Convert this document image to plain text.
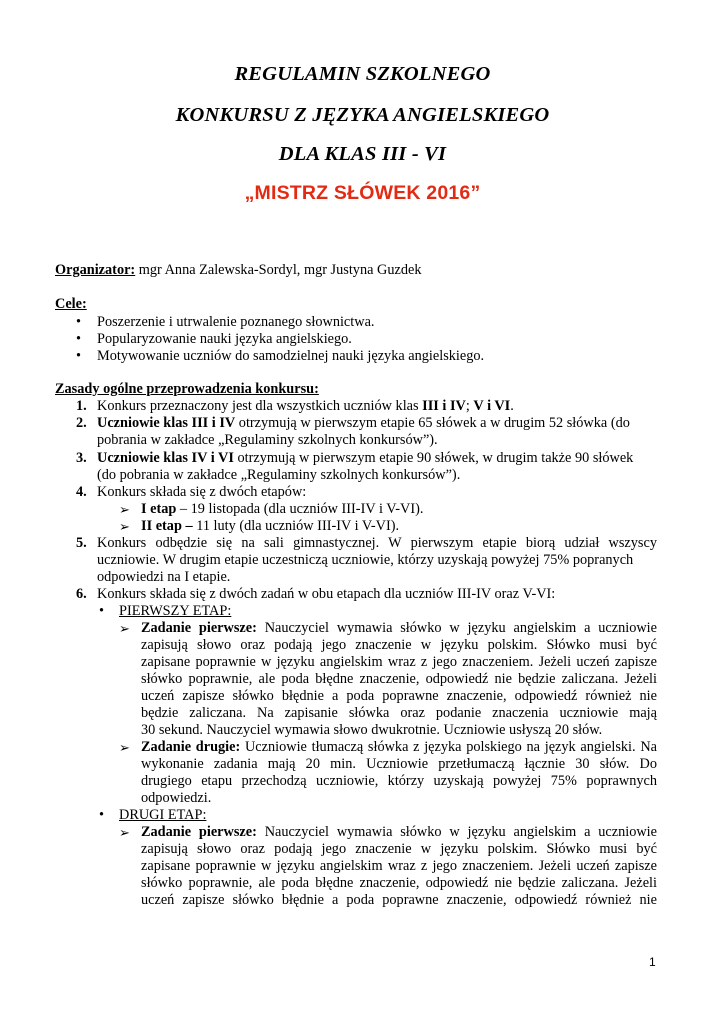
REGULAMIN SZKOLNEGO
KONKURSU Z JĘZYKA ANGIELSKIEGO
DLA KLAS III - VI
„MISTRZ SŁÓWEK 2016”
Organizator: mgr Anna Zalewska-Sordyl, mgr Justyna Guzdek
Cele:
• Poszerzenie i utrwalenie poznanego słownictwa.
• Popularyzowanie nauki języka angielskiego.
• Motywowanie uczniów do samodzielnej nauki języka angielskiego.
Zasady ogólne przeprowadzenia konkursu:
1. Konkurs przeznaczony jest dla wszystkich uczniów klas III i IV; V i VI.
2. Uczniowie klas III i IV otrzymują w pierwszym etapie 65 słówek a w drugim 52 słówka (do
pobrania w zakładce „Regulaminy szkolnych konkursów”).
3. Uczniowie klas IV i VI otrzymują w pierwszym etapie 90 słówek, w drugim także 90 słówek
(do pobrania w zakładce „Regulaminy szkolnych konkursów”).
4. Konkurs składa się z dwóch etapów:
➢ I etap – 19 listopada (dla uczniów III-IV i V-VI).
➢ II etap – 11 luty (dla uczniów III-IV i V-VI).
5. Konkurs odbędzie się na sali gimnastycznej. W pierwszym etapie biorą udział wszyscy
uczniowie. W drugim etapie uczestniczą uczniowie, którzy uzyskają powyżej 75% popranych
odpowiedzi na I etapie.
6. Konkurs składa się z dwóch zadań w obu etapach dla uczniów III-IV oraz V-VI:
• PIERWSZY ETAP:
➢ Zadanie pierwsze: Nauczyciel wymawia słówko w języku angielskim a uczniowie
zapisują słowo oraz podają jego znaczenie w języku polskim. Słówko musi być
zapisane poprawnie w języku angielskim wraz z jego znaczeniem. Jeżeli uczeń zapisze
słówko poprawnie, ale poda błędne znaczenie, odpowiedź nie będzie zaliczana. Jeżeli
uczeń zapisze słówko błędnie a poda poprawne znaczenie, odpowiedź również nie
będzie zaliczana. Na zapisanie słówka oraz podanie znaczenia uczniowie mają
30 sekund. Nauczyciel wymawia słowo dwukrotnie. Uczniowie usłyszą 20 słów.
➢ Zadanie drugie: Uczniowie tłumaczą słówka z języka polskiego na język angielski. Na
wykonanie zadania mają 20 min. Uczniowie przetłumaczą łącznie 30 słów. Do
drugiego etapu przechodzą uczniowie, którzy uzyskają powyżej 75% poprawnych
odpowiedzi.
• DRUGI ETAP:
➢ Zadanie pierwsze: Nauczyciel wymawia słówko w języku angielskim a uczniowie
zapisują słowo oraz podają jego znaczenie w języku polskim. Słówko musi być
zapisane poprawnie w języku angielskim wraz z jego znaczeniem. Jeżeli uczeń zapisze
słówko poprawnie, ale poda błędne znaczenie, odpowiedź nie będzie zaliczana. Jeżeli
uczeń zapisze słówko błędnie a poda poprawne znaczenie, odpowiedź również nie
1
